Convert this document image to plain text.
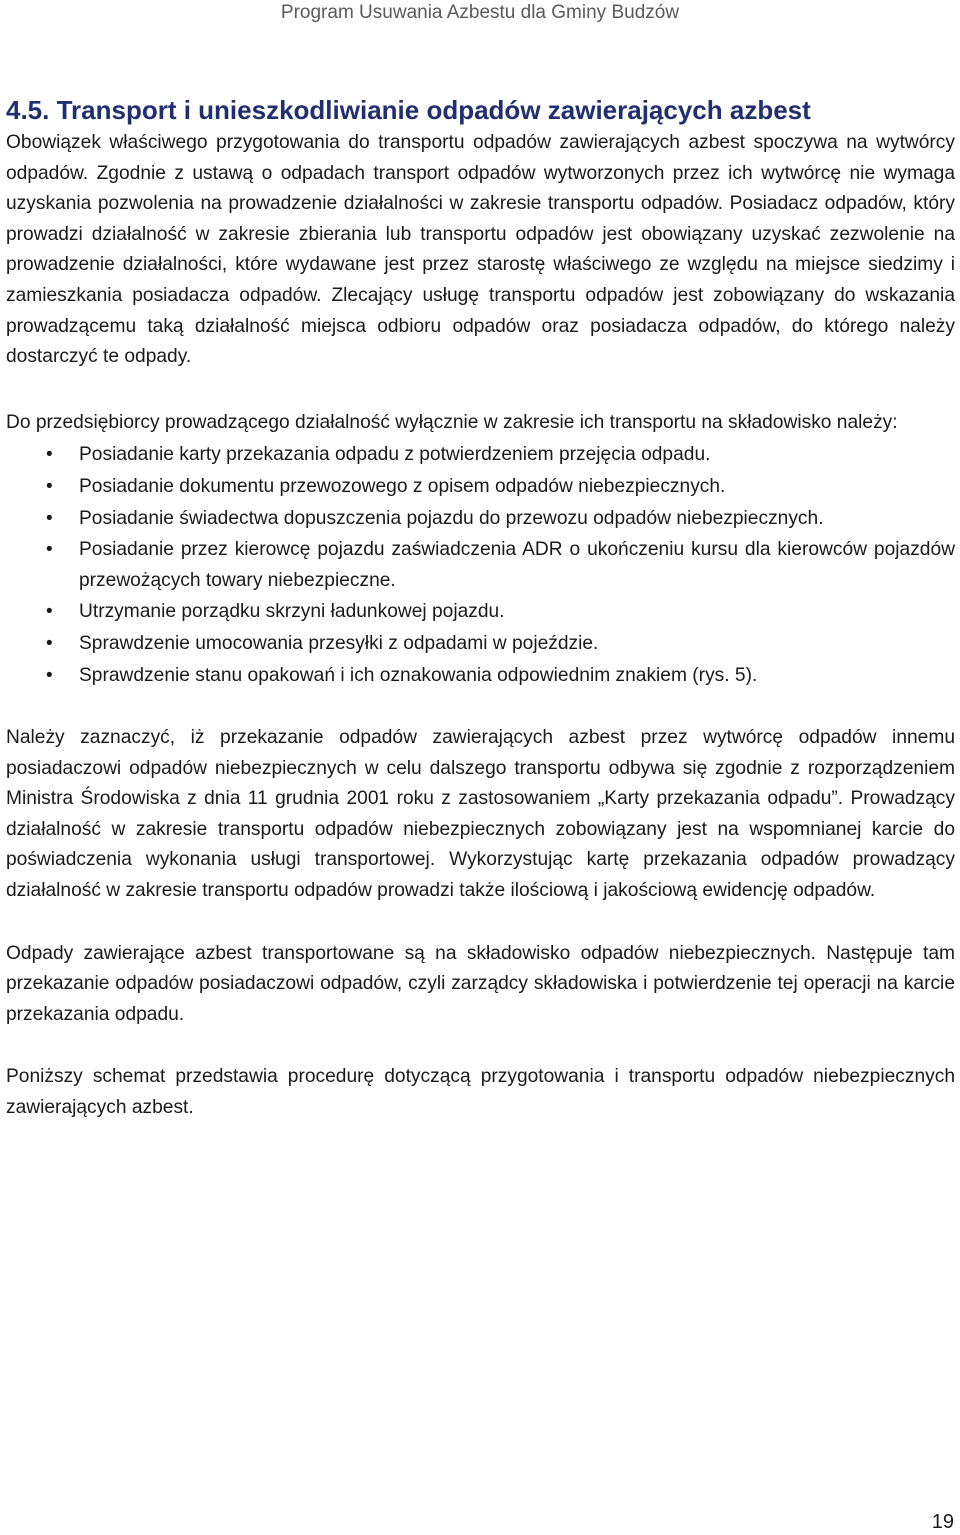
Program Usuwania Azbestu dla Gminy Budzów
4.5. Transport i unieszkodliwianie odpadów zawierających azbest

Obowiązek właściwego przygotowania do transportu odpadów zawierających azbest spoczywa na wytwórcy odpadów. Zgodnie z ustawą o odpadach transport odpadów wytworzonych przez ich wytwórcę nie wymaga uzyskania pozwolenia na prowadzenie działalności w zakresie transportu odpadów. Posiadacz odpadów, który prowadzi działalność w zakresie zbierania lub transportu odpadów jest obowiązany uzyskać zezwolenie na prowadzenie działalności, które wydawane jest przez starostę właściwego ze względu na miejsce siedzimy i zamieszkania posiadacza odpadów. Zlecający usługę transportu odpadów jest zobowiązany do wskazania prowadzącemu taką działalność miejsca odbioru odpadów oraz posiadacza odpadów, do którego należy dostarczyć te odpady.

Do przedsiębiorcy prowadzącego działalność wyłącznie w zakresie ich transportu na składowisko należy:

• Posiadanie karty przekazania odpadu z potwierdzeniem przejęcia odpadu.
• Posiadanie dokumentu przewozowego z opisem odpadów niebezpiecznych.
• Posiadanie świadectwa dopuszczenia pojazdu do przewozu odpadów niebezpiecznych.
• Posiadanie przez kierowcę pojazdu zaświadczenia ADR o ukończeniu kursu dla kierowców pojazdów przewożących towary niebezpieczne.
• Utrzymanie porządku skrzyni ładunkowej pojazdu.
• Sprawdzenie umocowania przesyłki z odpadami w pojeździe.
• Sprawdzenie stanu opakowań i ich oznakowania odpowiednim znakiem (rys. 5).

Należy zaznaczyć, iż przekazanie odpadów zawierających azbest przez wytwórcę odpadów innemu posiadaczowi odpadów niebezpiecznych w celu dalszego transportu odbywa się zgodnie z rozporządzeniem Ministra Środowiska z dnia 11 grudnia 2001 roku z zastosowaniem „Karty przekazania odpadu”. Prowadzący działalność w zakresie transportu odpadów niebezpiecznych zobowiązany jest na wspomnianej karcie do poświadczenia wykonania usługi transportowej. Wykorzystując kartę przekazania odpadów prowadzący działalność w zakresie transportu odpadów prowadzi także ilościową i jakościową ewidencję odpadów.

Odpady zawierające azbest transportowane są na składowisko odpadów niebezpiecznych. Następuje tam przekazanie odpadów posiadaczowi odpadów, czyli zarządcy składowiska i potwierdzenie tej operacji na karcie przekazania odpadu.

Poniższy schemat przedstawia procedurę dotyczącą przygotowania i transportu odpadów niebezpiecznych zawierających azbest.

19
